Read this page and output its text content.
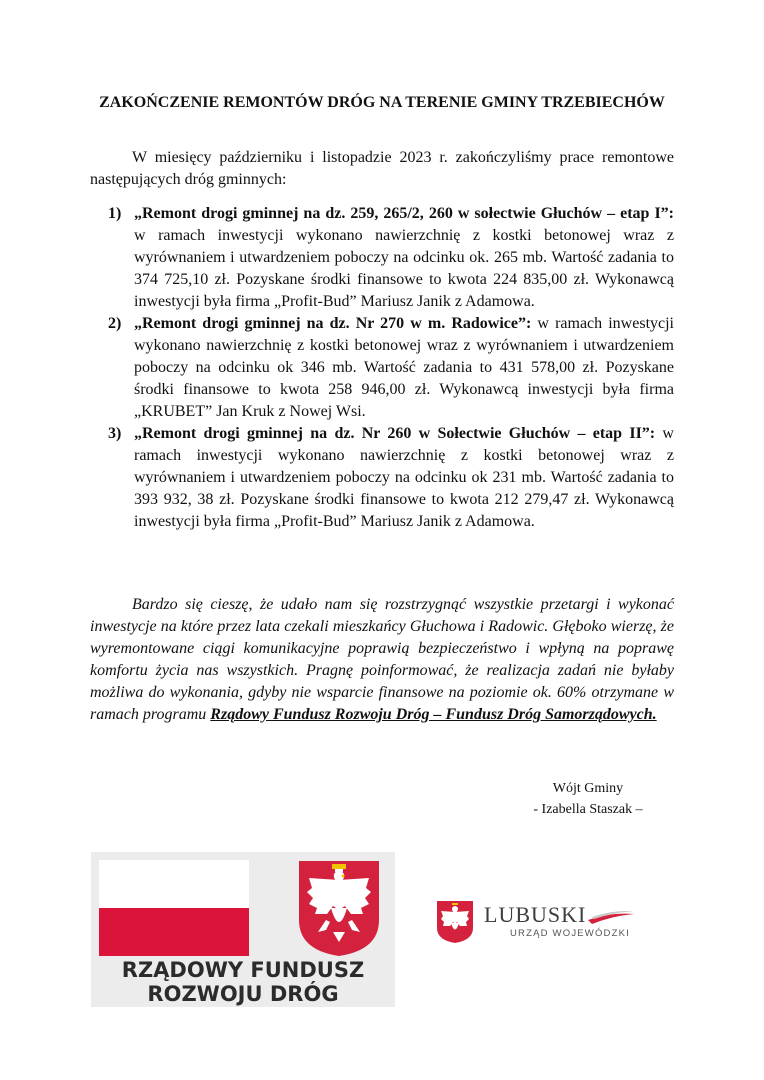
ZAKOŃCZENIE REMONTÓW DRÓG NA TERENIE GMINY TRZEBIECHÓW
W miesięcy październiku i listopadzie 2023 r. zakończyliśmy prace remontowe następujących dróg gminnych:
1) „Remont drogi gminnej na dz. 259, 265/2, 260 w sołectwie Głuchów – etap I”: w ramach inwestycji wykonano nawierzchnię z kostki betonowej wraz z wyrównaniem i utwardzeniem poboczy na odcinku ok. 265 mb. Wartość zadania to 374 725,10 zł. Pozyskane środki finansowe to kwota 224 835,00 zł. Wykonawcą inwestycji była firma „Profit-Bud” Mariusz Janik z Adamowa.
2) „Remont drogi gminnej na dz. Nr 270 w m. Radowice”: w ramach inwestycji wykonano nawierzchnię z kostki betonowej wraz z wyrównaniem i utwardzeniem poboczy na odcinku ok 346 mb. Wartość zadania to 431 578,00 zł. Pozyskane środki finansowe to kwota 258 946,00 zł. Wykonawcą inwestycji była firma „KRUBET” Jan Kruk z Nowej Wsi.
3) „Remont drogi gminnej na dz. Nr 260 w Sołectwie Głuchów – etap II”: w ramach inwestycji wykonano nawierzchnię z kostki betonowej wraz z wyrównaniem i utwardzeniem poboczy na odcinku ok 231 mb. Wartość zadania to 393 932, 38 zł. Pozyskane środki finansowe to kwota 212 279,47 zł. Wykonawcą inwestycji była firma „Profit-Bud” Mariusz Janik z Adamowa.
Bardzo się cieszę, że udało nam się rozstrzygnąć wszystkie przetargi i wykonać inwestycje na które przez lata czekali mieszkańcy Głuchowa i Radowic. Głęboko wierzę, że wyremontowane ciągi komunikacyjne poprawią bezpieczeństwo i wpłyną na poprawę komfortu życia nas wszystkich. Pragnę poinformować, że realizacja zadań nie byłaby możliwa do wykonania, gdyby nie wsparcie finansowe na poziomie ok. 60% otrzymane w ramach programu Rządowy Fundusz Rozwoju Dróg – Fundusz Dróg Samorządowych.
Wójt Gminy
- Izabella Staszak –
RZĄDOWY FUNDUSZ
ROZWOJU DRÓG
LUBUSKI
URZĄD WOJEWÓDZKI
